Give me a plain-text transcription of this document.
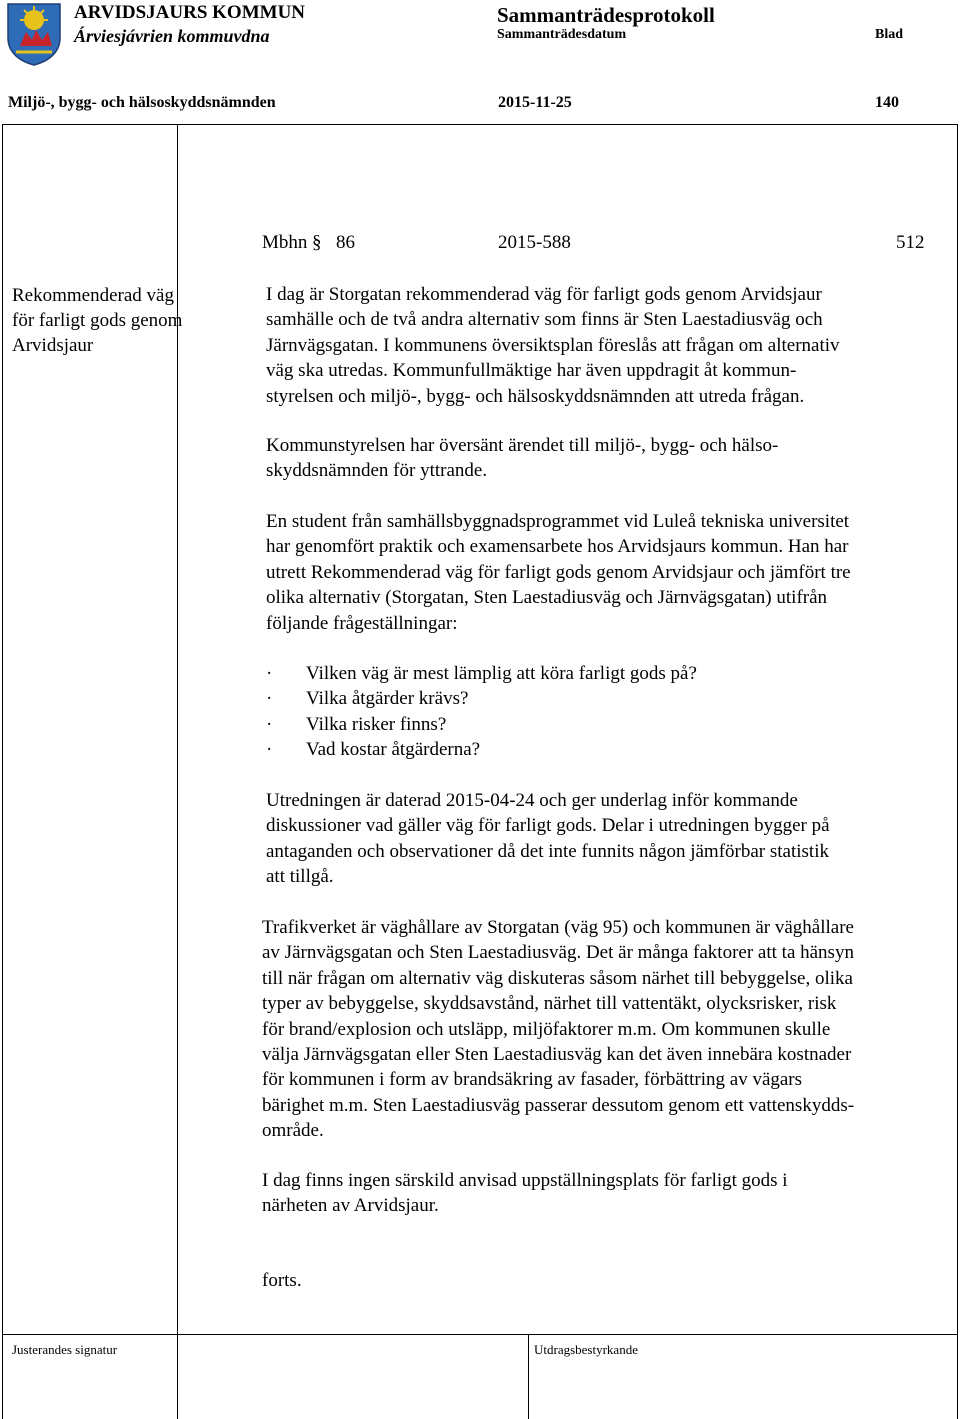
ARVIDSJAURS KOMMUN
Árviesjávrien kommuvdna
Sammanträdesprotokoll
Sammanträdesdatum	Blad
Miljö-, bygg- och hälsoskyddsnämnden	2015-11-25	140
Mbhn § 86	2015-588	512
Rekommenderad väg
för farligt gods genom
Arvidsjaur
I dag är Storgatan rekommenderad väg för farligt gods genom Arvidsjaur
samhälle och de två andra alternativ som finns är Sten Laestadiusväg och
Järnvägsgatan. I kommunens översiktsplan föreslås att frågan om alternativ
väg ska utredas. Kommunfullmäktige har även uppdragit åt kommun-
styrelsen och miljö-, bygg- och hälsoskyddsnämnden att utreda frågan.
Kommunstyrelsen har översänt ärendet till miljö-, bygg- och hälso-
skyddsnämnden för yttrande.
En student från samhällsbyggnadsprogrammet vid Luleå tekniska universitet
har genomfört praktik och examensarbete hos Arvidsjaurs kommun. Han har
utrett Rekommenderad väg för farligt gods genom Arvidsjaur och jämfört tre
olika alternativ (Storgatan, Sten Laestadiusväg och Järnvägsgatan) utifrån
följande frågeställningar:
· Vilken väg är mest lämplig att köra farligt gods på?
· Vilka åtgärder krävs?
· Vilka risker finns?
· Vad kostar åtgärderna?
Utredningen är daterad 2015-04-24 och ger underlag inför kommande
diskussioner vad gäller väg för farligt gods. Delar i utredningen bygger på
antaganden och observationer då det inte funnits någon jämförbar statistik
att tillgå.
Trafikverket är väghållare av Storgatan (väg 95) och kommunen är väghållare
av Järnvägsgatan och Sten Laestadiusväg. Det är många faktorer att ta hänsyn
till när frågan om alternativ väg diskuteras såsom närhet till bebyggelse, olika
typer av bebyggelse, skyddsavstånd, närhet till vattentäkt, olycksrisker, risk
för brand/explosion och utsläpp, miljöfaktorer m.m. Om kommunen skulle
välja Järnvägsgatan eller Sten Laestadiusväg kan det även innebära kostnader
för kommunen i form av brandsäkring av fasader, förbättring av vägars
bärighet m.m. Sten Laestadiusväg passerar dessutom genom ett vattenskydds-
område.
I dag finns ingen särskild anvisad uppställningsplats för farligt gods i
närheten av Arvidsjaur.
forts.
Justerandes signatur	Utdragsbestyrkande
